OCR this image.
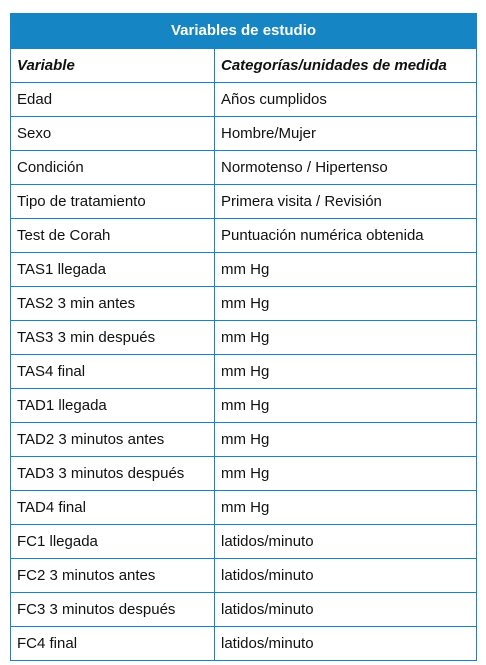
Variables de estudio	
Variable	Categorías/unidades de medida
Edad	Años cumplidos
Sexo	Hombre/Mujer
Condición	Normotenso / Hipertenso
Tipo de tratamiento	Primera visita / Revisión
Test de Corah	Puntuación numérica obtenida
TAS1 llegada	mm Hg
TAS2 3 min antes	mm Hg
TAS3 3 min después	mm Hg
TAS4 final	mm Hg
TAD1 llegada	mm Hg
TAD2 3 minutos antes	mm Hg
TAD3 3 minutos después	mm Hg
TAD4 final	mm Hg
FC1 llegada	latidos/minuto
FC2 3 minutos antes	latidos/minuto
FC3 3 minutos después	latidos/minuto
FC4 final	latidos/minuto
